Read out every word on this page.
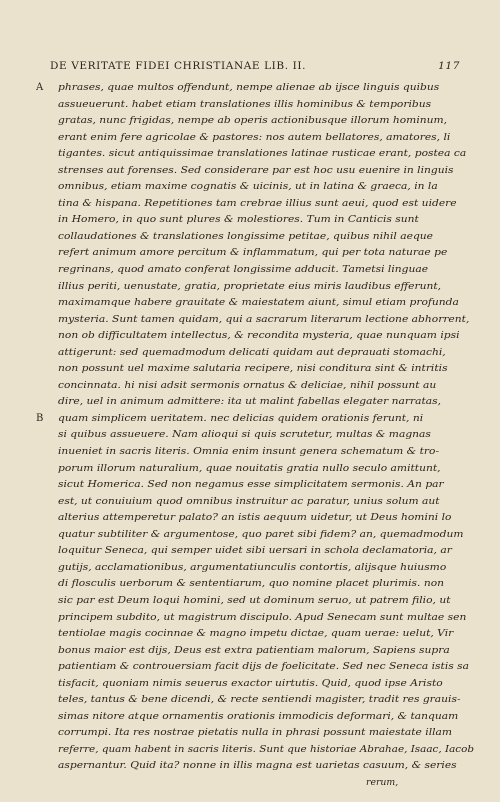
DE VERITATE FIDEI CHRISTIANAE LIB. II.	117
A phrases, quae multos offendunt, nempe alienae ab ijsce linguis quibus
assueuerunt. habet etiam translationes illis hominibus & temporibus
gratas, nunc frigidas, nempe ab operis actionibusque illorum hominum,
erant enim fere agricolae & pastores: nos autem bellatores, amatores, li
tigantes. sicut antiquissimae translationes latinae rusticae erant, postea ca
strenses aut forenses. Sed considerare par est hoc usu euenire in linguis
omnibus, etiam maxime cognatis & uicinis, ut in latina & graeca, in la
tina & hispana. Repetitiones tam crebrae illius sunt aeui, quod est uidere
in Homero, in quo sunt plures & molestiores. Tum in Canticis sunt
collaudationes & translationes longissime petitae, quibus nihil aeque
refert animum amore percitum & inflammatum, qui per tota naturae pe
regrinans, quod amato conferat longissime adducit. Tametsi linguae
illius periti, uenustate, gratia, proprietate eius miris laudibus efferunt,
maximamque habere grauitate & maiestatem aiunt, simul etiam profunda
mysteria. Sunt tamen quidam, qui a sacrarum literarum lectione abhorrent,
non ob difficultatem intellectus, & recondita mysteria, quae nunquam ipsi
attigerunt: sed quemadmodum delicati quidam aut deprauati stomachi,
non possunt uel maxime salutaria recipere, nisi conditura sint & intritis
concinnata. hi nisi adsit sermonis ornatus & deliciae, nihil possunt au
dire, uel in animum admittere: ita ut malint fabellas elegater narratas,
B quam simplicem ueritatem. nec delicias quidem orationis ferunt, ni
si quibus assueuere. Nam alioqui si quis scrutetur, multas & magnas
inueniet in sacris literis. Omnia enim insunt genera schematum & tro-
porum illorum naturalium, quae nouitatis gratia nullo seculo amittunt,
sicut Homerica. Sed non negamus esse simplicitatem sermonis. An par
est, ut conuiuium quod omnibus instruitur ac paratur, unius solum aut
alterius attemperetur palato? an istis aequum uidetur, ut Deus homini lo
quatur subtiliter & argumentose, quo paret sibi fidem? an, quemadmodum
loquitur Seneca, qui semper uidet sibi uersari in schola declamatoria, ar
gutijs, acclamationibus, argumentatiunculis contortis, alijsque huiusmo
di flosculis uerborum & sententiarum, quo nomine placet plurimis. non
sic par est Deum loqui homini, sed ut dominum seruo, ut patrem filio, ut
principem subdito, ut magistrum discipulo. Apud Senecam sunt multae sen
tentiolae magis cocinnae & magno impetu dictae, quam uerae: uelut, Vir
bonus maior est dijs, Deus est extra patientiam malorum, Sapiens supra
patientiam & controuersiam facit dijs de foelicitate. Sed nec Seneca istis sa
tisfacit, quoniam nimis seuerus exactor uirtutis. Quid, quod ipse Aristo
teles, tantus & bene dicendi, & recte sentiendi magister, tradit res grauis-
simas nitore atque ornamentis orationis immodicis deformari, & tanquam
corrumpi. Ita res nostrae pietatis nulla in phrasi possunt maiestate illam
referre, quam habent in sacris literis. Sunt que historiae Abrahae, Isaac, Iacob
aspernantur. Quid ita? nonne in illis magna est uarietas casuum, & series
rerum,
